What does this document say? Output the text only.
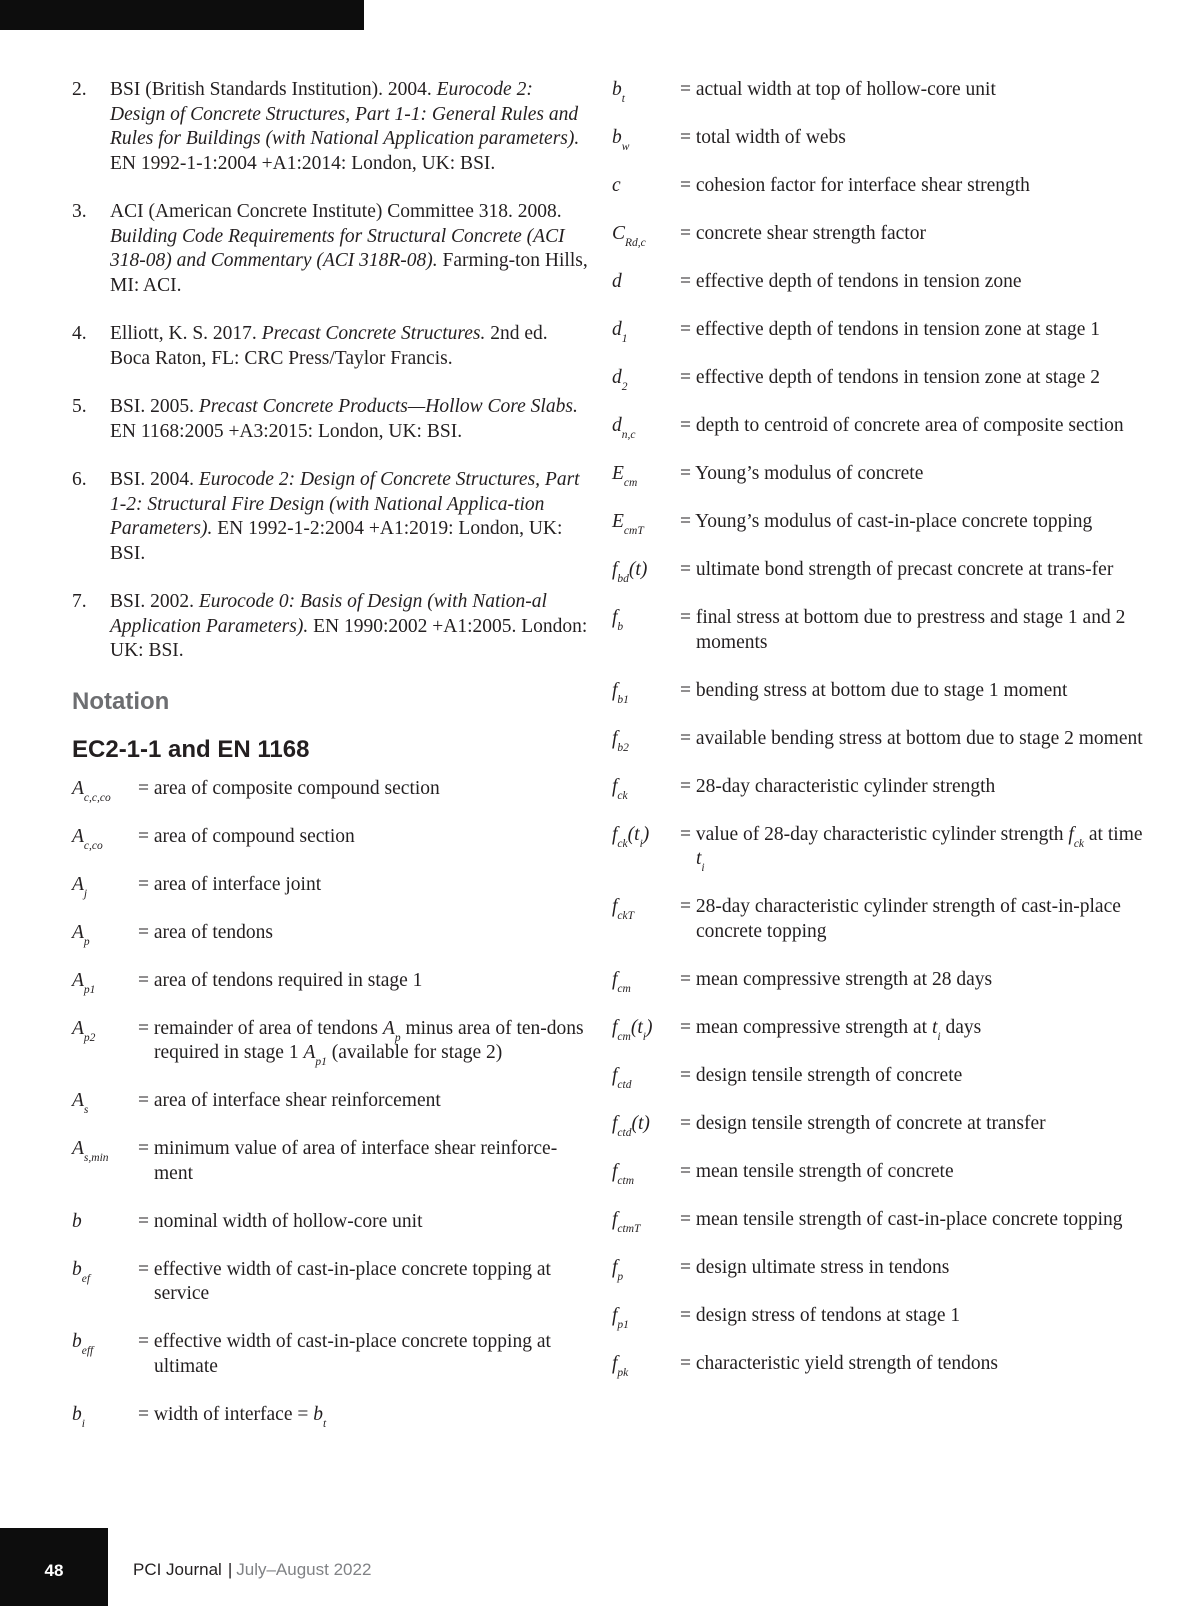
2.	BSI (British Standards Institution). 2004. Eurocode 2: Design of Concrete Structures, Part 1-1: General Rules and Rules for Buildings (with National Application parameters). EN 1992-1-1:2004 +A1:2014: London, UK: BSI.
3.	ACI (American Concrete Institute) Committee 318. 2008. Building Code Requirements for Structural Concrete (ACI 318-08) and Commentary (ACI 318R-08). Farming-ton Hills, MI: ACI.
4.	Elliott, K. S. 2017. Precast Concrete Structures. 2nd ed. Boca Raton, FL: CRC Press/Taylor Francis.
5.	BSI. 2005. Precast Concrete Products—Hollow Core Slabs. EN 1168:2005 +A3:2015: London, UK: BSI.
6.	BSI. 2004. Eurocode 2: Design of Concrete Structures, Part 1-2: Structural Fire Design (with National Applica-tion Parameters). EN 1992-1-2:2004 +A1:2019: London, UK: BSI.
7.	BSI. 2002. Eurocode 0: Basis of Design (with Nation-al Application Parameters). EN 1990:2002 +A1:2005. London: UK: BSI.
Notation
EC2-1-1 and EN 1168
$A_{c,c,co}$	= area of composite compound section
$A_{c,co}$	= area of compound section
$A_j$	= area of interface joint
$A_p$	= area of tendons
$A_{p1}$	= area of tendons required in stage 1
$A_{p2}$	= remainder of area of tendons $A_p$ minus area of ten-dons required in stage 1 $A_{p1}$ (available for stage 2)
$A_s$	= area of interface shear reinforcement
$A_{s,min}$	= minimum value of area of interface shear reinforce-ment
b	= nominal width of hollow-core unit
$b_{ef}$	= effective width of cast-in-place concrete topping at service
$b_{eff}$	= effective width of cast-in-place concrete topping at ultimate
$b_i$	= width of interface = $b_t$
$b_t$	= actual width at top of hollow-core unit
$b_w$	= total width of webs
c	= cohesion factor for interface shear strength
$C_{Rd,c}$	= concrete shear strength factor
d	= effective depth of tendons in tension zone
$d_1$	= effective depth of tendons in tension zone at stage 1
$d_2$	= effective depth of tendons in tension zone at stage 2
$d_{n,c}$	= depth to centroid of concrete area of composite section
$E_{cm}$	= Young’s modulus of concrete
$E_{cmT}$	= Young’s modulus of cast-in-place concrete topping
$f_{bd}(t)$	= ultimate bond strength of precast concrete at trans-fer
$f_b$	= final stress at bottom due to prestress and stage 1 and 2 moments
$f_{b1}$	= bending stress at bottom due to stage 1 moment
$f_{b2}$	= available bending stress at bottom due to stage 2 moment
$f_{ck}$	= 28-day characteristic cylinder strength
$f_{ck}(t_i)$	= value of 28-day characteristic cylinder strength $f_{ck}$ at time $t_i$
$f_{ckT}$	= 28-day characteristic cylinder strength of cast-in-place concrete topping
$f_{cm}$	= mean compressive strength at 28 days
$f_{cm}(t_i)$	= mean compressive strength at $t_i$ days
$f_{ctd}$	= design tensile strength of concrete
$f_{ctd}(t)$	= design tensile strength of concrete at transfer
$f_{ctm}$	= mean tensile strength of concrete
$f_{ctmT}$	= mean tensile strength of cast-in-place concrete topping
$f_p$	= design ultimate stress in tendons
$f_{p1}$	= design stress of tendons at stage 1
$f_{pk}$	= characteristic yield strength of tendons
48	PCI Journal | July–August 2022
